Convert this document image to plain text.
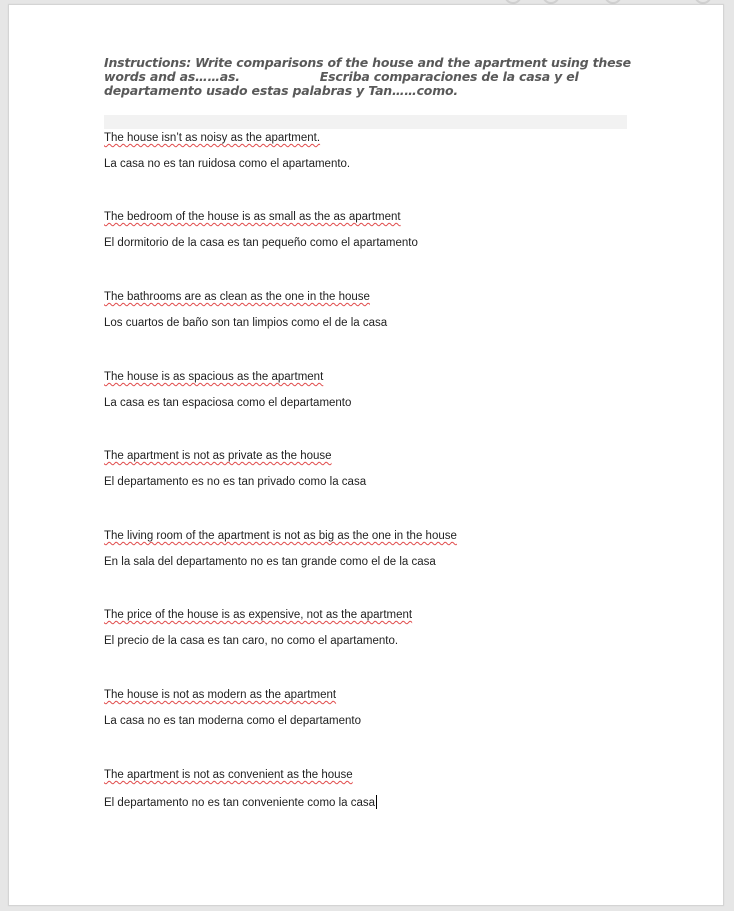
Instructions: Write comparisons of the house and the apartment using these
words and as……as.	Escriba comparaciones de la casa y el
departamento usado estas palabras y Tan……como.
The house isn’t as noisy as the apartment.
La casa no es tan ruidosa como el apartamento.
The bedroom of the house is as small as the as apartment
El dormitorio de la casa es tan pequeño como el apartamento
The bathrooms are as clean as the one in the house
Los cuartos de baño son tan limpios como el de la casa
The house is as spacious as the apartment
La casa es tan espaciosa como el departamento
The apartment is not as private as the house
El departamento es no es tan privado como la casa
The living room of the apartment is not as big as the one in the house
En la sala del departamento no es tan grande como el de la casa
The price of the house is as expensive, not as the apartment
El precio de la casa es tan caro, no como el apartamento.
The house is not as modern as the apartment
La casa no es tan moderna como el departamento
The apartment is not as convenient as the house
El departamento no es tan conveniente como la casa
